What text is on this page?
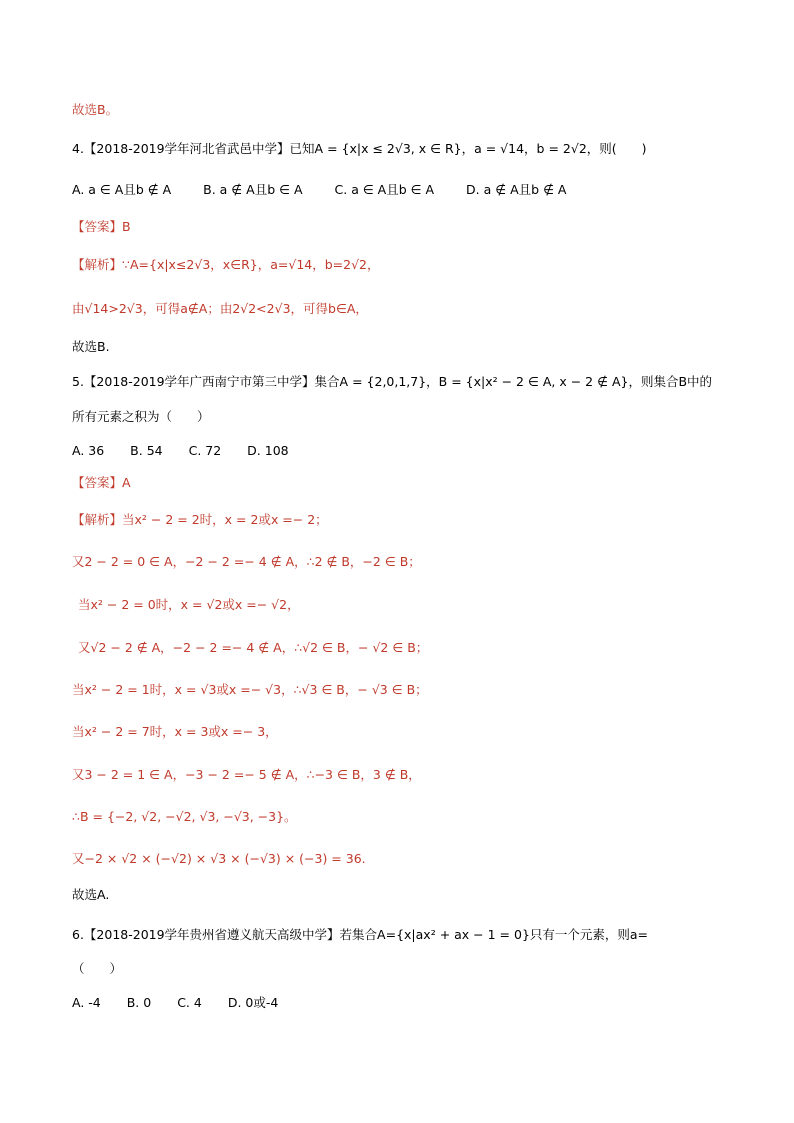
故选B。
4.【2018-2019学年河北省武邑中学】已知A = {x|x ≤ 2√3, x ∈ R}，a = √14，b = 2√2，则(　　)
A. a ∈ A且b ∉ A	B. a ∉ A且b ∈ A	C. a ∈ A且b ∈ A	D. a ∉ A且b ∉ A
【答案】B
【解析】∵A={x|x≤2√3，x∈R}，a=√14，b=2√2，
由√14>2√3，可得a∉A；由2√2<2√3，可得b∈A，
故选B.
5.【2018-2019学年广西南宁市第三中学】集合A = {2,0,1,7}，B = {x|x² − 2 ∈ A, x − 2 ∉ A}，则集合B中的
所有元素之积为（　　）
A. 36 B. 54 C. 72 D. 108
【答案】A
【解析】当x² − 2 = 2时，x = 2或x =− 2；
又2 − 2 = 0 ∈ A，−2 − 2 =− 4 ∉ A，∴2 ∉ B，−2 ∈ B；
当x² − 2 = 0时，x = √2或x =− √2，
又√2 − 2 ∉ A，−2 − 2 =− 4 ∉ A，∴√2 ∈ B，− √2 ∈ B；
当x² − 2 = 1时，x = √3或x =− √3，∴√3 ∈ B，− √3 ∈ B；
当x² − 2 = 7时，x = 3或x =− 3，
又3 − 2 = 1 ∈ A，−3 − 2 =− 5 ∉ A，∴−3 ∈ B，3 ∉ B，
∴B = {−2, √2, −√2, √3, −√3, −3}。
又−2 × √2 × (−√2) × √3 × (−√3) × (−3) = 36.
故选A.
6.【2018-2019学年贵州省遵义航天高级中学】若集合A={x|ax² + ax − 1 = 0}只有一个元素，则a=
（　　）
A. -4 B. 0 C. 4 D. 0或-4
